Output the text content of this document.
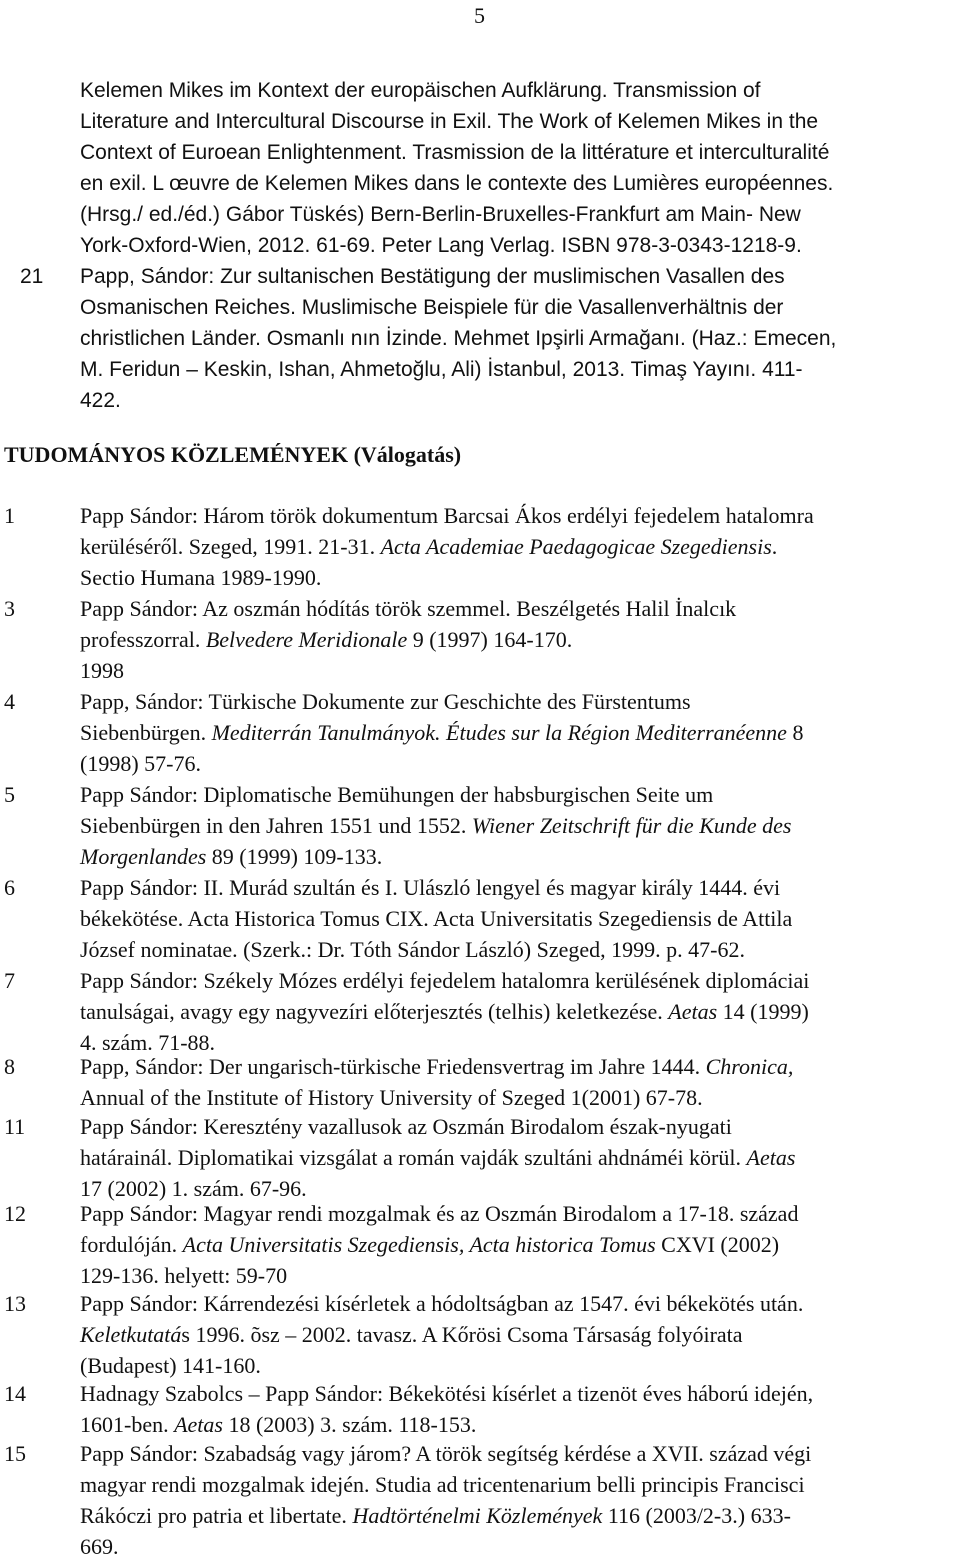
5
Kelemen Mikes im Kontext der europäischen Aufklärung. Transmission of
Literature and Intercultural Discourse in Exil. The Work of Kelemen Mikes in the
Context of Euroean Enlightenment. Trasmission de la littérature et interculturalité
en exil. L œuvre de Kelemen Mikes dans le contexte des Lumières européennes.
(Hrsg./ ed./éd.) Gábor Tüskés) Bern-Berlin-Bruxelles-Frankfurt am Main- New
York-Oxford-Wien, 2012. 61-69. Peter Lang Verlag. ISBN 978-3-0343-1218-9.
21	Papp, Sándor: Zur sultanischen Bestätigung der muslimischen Vasallen des
Osmanischen Reiches. Muslimische Beispiele für die Vasallenverhältnis der
christlichen Länder. Osmanlı nın İzinde. Mehmet Ipşirli Armağanı. (Haz.: Emecen,
M. Feridun – Keskin, Ishan, Ahmetoğlu, Ali) İstanbul, 2013. Timaş Yayını. 411-
422.
TUDOMÁNYOS KÖZLEMÉNYEK (Válogatás)
1	Papp Sándor: Három török dokumentum Barcsai Ákos erdélyi fejedelem hatalomra
kerüléséről. Szeged, 1991. 21-31. Acta Academiae Paedagogicae Szegediensis.
Sectio Humana 1989-1990.
3	Papp Sándor: Az oszmán hódítás török szemmel. Beszélgetés Halil İnalcık
professzorral. Belvedere Meridionale 9 (1997) 164-170.
1998
4	Papp, Sándor: Türkische Dokumente zur Geschichte des Fürstentums
Siebenbürgen. Mediterrán Tanulmányok. Études sur la Région Mediterranéenne 8
(1998) 57-76.
5	Papp Sándor: Diplomatische Bemühungen der habsburgischen Seite um
Siebenbürgen in den Jahren 1551 und 1552. Wiener Zeitschrift für die Kunde des
Morgenlandes 89 (1999) 109-133.
6	Papp Sándor: II. Murád szultán és I. Ulászló lengyel és magyar király 1444. évi
békekötése. Acta Historica Tomus CIX. Acta Universitatis Szegediensis de Attila
József nominatae. (Szerk.: Dr. Tóth Sándor László) Szeged, 1999. p. 47-62.
7	Papp Sándor: Székely Mózes erdélyi fejedelem hatalomra kerülésének diplomáciai
tanulságai, avagy egy nagyvezíri előterjesztés (telhis) keletkezése. Aetas 14 (1999)
4. szám. 71-88.
8	Papp, Sándor: Der ungarisch-türkische Friedensvertrag im Jahre 1444. Chronica,
Annual of the Institute of History University of Szeged 1(2001) 67-78.
11	Papp Sándor: Keresztény vazallusok az Oszmán Birodalom észak-nyugati
határainál. Diplomatikai vizsgálat a román vajdák szultáni ahdnáméi körül. Aetas
17 (2002) 1. szám. 67-96.
12	Papp Sándor: Magyar rendi mozgalmak és az Oszmán Birodalom a 17-18. század
fordulóján. Acta Universitatis Szegediensis, Acta historica Tomus CXVI (2002)
129-136. helyett: 59-70
13	Papp Sándor: Kárrendezési kísérletek a hódoltságban az 1547. évi békekötés után.
Keletkutatás 1996. õsz – 2002. tavasz. A Kőrösi Csoma Társaság folyóirata
(Budapest) 141-160.
14	Hadnagy Szabolcs – Papp Sándor: Békekötési kísérlet a tizenöt éves háború idején,
1601-ben. Aetas 18 (2003) 3. szám. 118-153.
15	Papp Sándor: Szabadság vagy járom? A török segítség kérdése a XVII. század végi
magyar rendi mozgalmak idején. Studia ad tricentenarium belli principis Francisci
Rákóczi pro patria et libertate. Hadtörténelmi Közlemények 116 (2003/2-3.) 633-
669.
